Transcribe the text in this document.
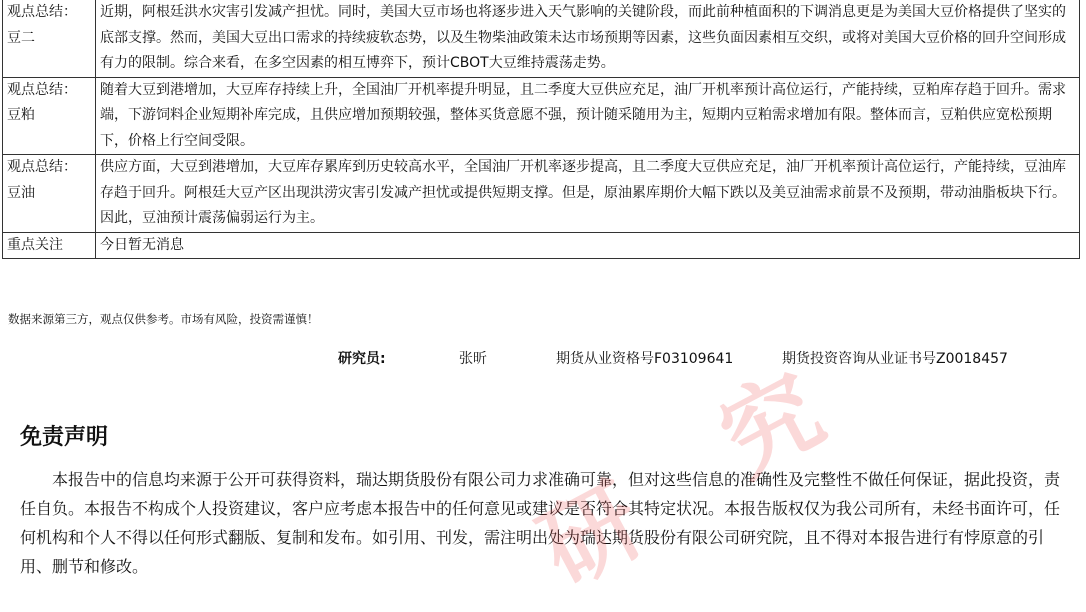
观点总结：
豆二	近期，阿根廷洪水灾害引发减产担忧。同时，美国大豆市场也将逐步进入天气影响的关键阶段，而此前种植面积的下调消息更是为美国大豆价格提供了坚实的底部支撑。然而，美国大豆出口需求的持续疲软态势，以及生物柴油政策未达市场预期等因素，这些负面因素相互交织，或将对美国大豆价格的回升空间形成有力的限制。综合来看，在多空因素的相互博弈下，预计CBOT大豆维持震荡走势。
观点总结：
豆粕	随着大豆到港增加，大豆库存持续上升，全国油厂开机率提升明显，且二季度大豆供应充足，油厂开机率预计高位运行，产能持续，豆粕库存趋于回升。需求端，下游饲料企业短期补库完成，且供应增加预期较强，整体买货意愿不强，预计随采随用为主，短期内豆粕需求增加有限。整体而言，豆粕供应宽松预期下，价格上行空间受限。
观点总结：
豆油	供应方面，大豆到港增加，大豆库存累库到历史较高水平，全国油厂开机率逐步提高，且二季度大豆供应充足，油厂开机率预计高位运行，产能持续，豆油库存趋于回升。阿根廷大豆产区出现洪涝灾害引发减产担忧或提供短期支撑。但是，原油累库期价大幅下跌以及美豆油需求前景不及预期，带动油脂板块下行。因此，豆油预计震荡偏弱运行为主。
重点关注	今日暂无消息
数据来源第三方，观点仅供参考。市场有风险，投资需谨慎！
研究员:	张昕	期货从业资格号F03109641	期货投资咨询从业证书号Z0018457
免责声明

本报告中的信息均来源于公开可获得资料，瑞达期货股份有限公司力求准确可靠，但对这些信息的准确性及完整性不做任何保证，据此投资，责任自负。本报告不构成个人投资建议，客户应考虑本报告中的任何意见或建议是否符合其特定状况。本报告版权仅为我公司所有，未经书面许可，任何机构和个人不得以任何形式翻版、复制和发布。如引用、刊发，需注明出处为瑞达期货股份有限公司研究院，且不得对本报告进行有悖原意的引用、删节和修改。

究
研
